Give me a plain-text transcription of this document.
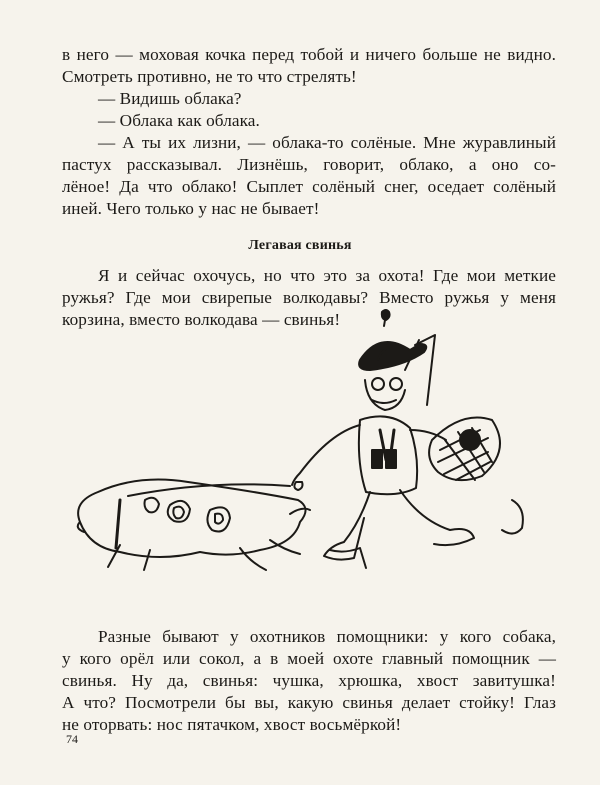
в него — моховая кочка перед тобой и ничего больше не видно.

Смотреть противно, не то что стрелять!

— Видишь облака?

— Облака как облака.

— А ты их лизни, — облака-то солёные. Мне журавлиный

пастух рассказывал. Лизнёшь, говорит, облако, а оно со-

лёное! Да что облако! Сыплет солёный снег, оседает солёный

иней. Чего только у нас не бывает!

Легавая свинья

Я и сейчас охочусь, но что это за охота! Где мои меткие

ружья? Где мои свирепые волкодавы? Вместо ружья у меня

корзина, вместо волкодава — свинья!

Разные бывают у охотников помощники: у кого собака,

у кого орёл или сокол, а в моей охоте главный помощник —

свинья. Ну да, свинья: чушка, хрюшка, хвост завитушка!

А что? Посмотрели бы вы, какую свинья делает стойку! Глаз

не оторвать: нос пятачком, хвост восьмёркой!

74
